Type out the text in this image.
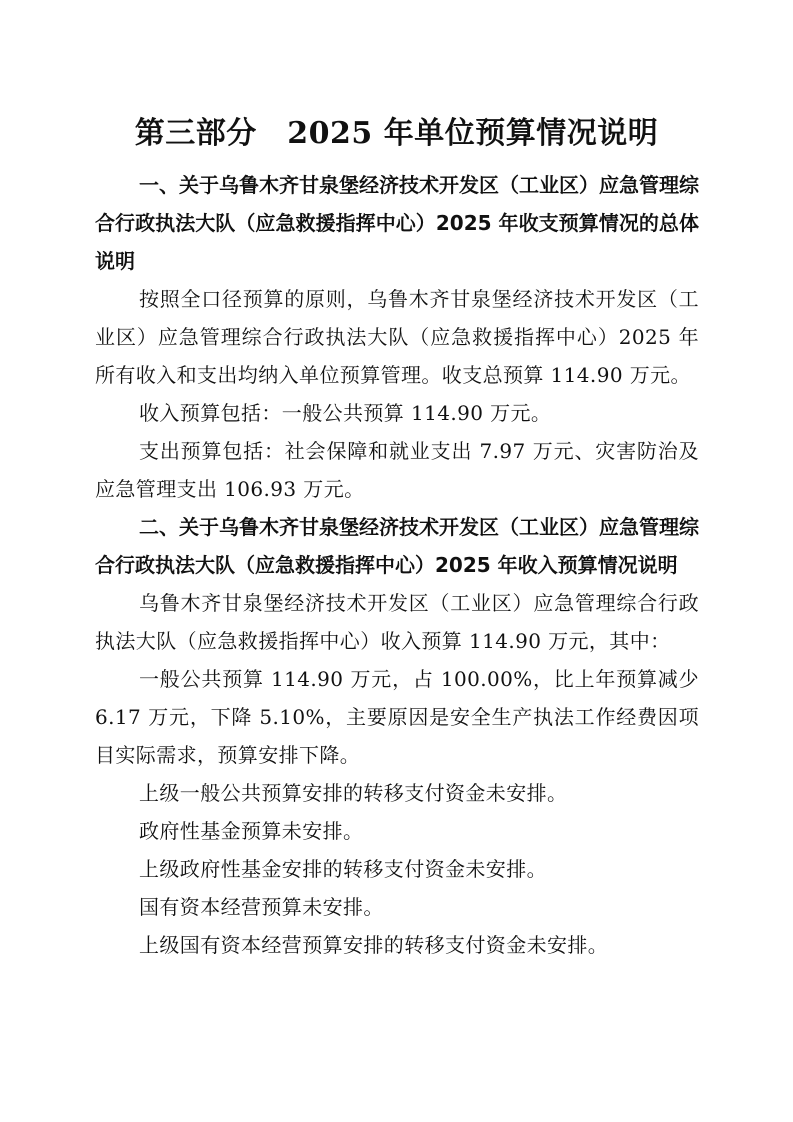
第三部分　2025 年单位预算情况说明

一、关于乌鲁木齐甘泉堡经济技术开发区（工业区）应急管理综合行政执法大队（应急救援指挥中心）2025 年收支预算情况的总体说明

按照全口径预算的原则，乌鲁木齐甘泉堡经济技术开发区（工业区）应急管理综合行政执法大队（应急救援指挥中心）2025 年所有收入和支出均纳入单位预算管理。收支总预算 114.90 万元。

收入预算包括：一般公共预算 114.90 万元。

支出预算包括：社会保障和就业支出 7.97 万元、灾害防治及应急管理支出 106.93 万元。

二、关于乌鲁木齐甘泉堡经济技术开发区（工业区）应急管理综合行政执法大队（应急救援指挥中心）2025 年收入预算情况说明

乌鲁木齐甘泉堡经济技术开发区（工业区）应急管理综合行政执法大队（应急救援指挥中心）收入预算 114.90 万元，其中：

一般公共预算 114.90 万元，占 100.00%，比上年预算减少 6.17 万元，下降 5.10%，主要原因是安全生产执法工作经费因项目实际需求，预算安排下降。

上级一般公共预算安排的转移支付资金未安排。

政府性基金预算未安排。

上级政府性基金安排的转移支付资金未安排。

国有资本经营预算未安排。

上级国有资本经营预算安排的转移支付资金未安排。
